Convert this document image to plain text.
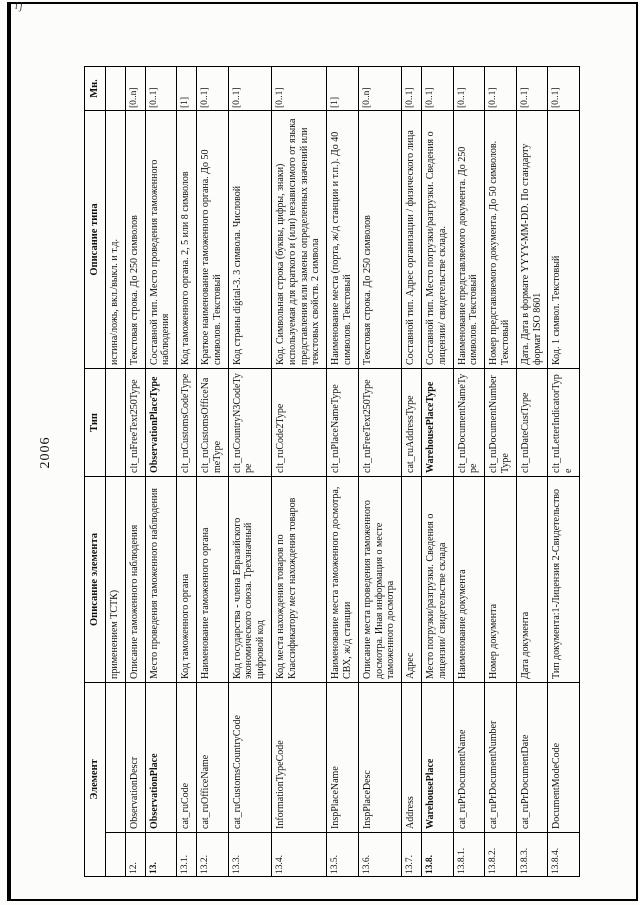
ij
2006
Элемент		Описание элемента	Тип	Описание типа	Мн.
		применением ТСТК)		истина/ложь, вкл./выкл. и т.д.	
12.	ObservationDescr	Описание таможенного наблюдения	clt_ruFreeText250Type	Текстовая строка. До 250 символов	[0..n]
13.	ObservationPlace	Место проведения таможенного наблюдения	ObservationPlaceType	Составной тип. Место проведения таможенного наблюдения	[0..1]
13.1.	cat_ruCode	Код таможенного органа	clt_ruCustomsCodeType	Код таможенного органа. 2, 5 или 8 символов	[1]
13.2.	cat_ruOfficeName	Наименование таможенного органа	clt_ruCustomsOfficeNameType	Краткое наименование таможенного органа. До 50 символов. Текстовый	[0..1]
13.3.	cat_ruCustomsCountryCode	Код государства - члена Евразийского экономического союза. Трехзначный цифровой код	clt_ruCountryN3CodeType	Код страны digital-3. 3 символа. Числовой	[0..1]
13.4.	InformationTypeCode	Код места нахождения товаров по Классификатору мест нахождения товаров	clt_ruCode2Type	Код. Символьная строка (буквы, цифры, знаки) используемая для краткого и (или) независимого от языка представления или замены определенных значений или текстовых свойств. 2 символа	[0..1]
13.5.	InspPlaceName	Наименование места таможенного досмотра, СВХ, ж/д станции	clt_ruPlaceNameType	Наименование места (порта, ж/д станции и т.п.). До 40 символов. Текстовый	[1]
13.6.	InspPlaceDesc	Описание места проведения таможенного досмотра. Иная информация о месте таможенного досмотра	clt_ruFreeText250Type	Текстовая строка. До 250 символов	[0..n]
13.7.	Address	Адрес	cat_ruAddressType	Составной тип. Адрес организации / физического лица	[0..1]
13.8.	WarehousePlace	Место погрузки/разгрузки. Сведения о лицензии/ свидетельстве склада	WarehousePlaceType	Составной тип. Место погрузки/разгрузки. Сведения о лицензии/ свидетельстве склада.	[0..1]
13.8.1.	cat_ruPrDocumentName	Наименование документа	clt_ruDocumentNameType	Наименование представляемого документа. До 250 символов. Текстовый	[0..1]
13.8.2.	cat_ruPrDocumentNumber	Номер документа	clt_ruDocumentNumberType	Номер представляемого документа. До 50 символов. Текстовый	[0..1]
13.8.3.	cat_ruPrDocumentDate	Дата документа	clt_ruDateCustType	Дата. Дата в формате YYYY-MM-DD. По стандарту формат ISO 8601	[0..1]
13.8.4.	DocumentModeCode	Тип документа:1-Лицензия 2-Свидетельство	clt_ruLetterIndicatorType	Код. 1 символ. Текстовый	[0..1]
